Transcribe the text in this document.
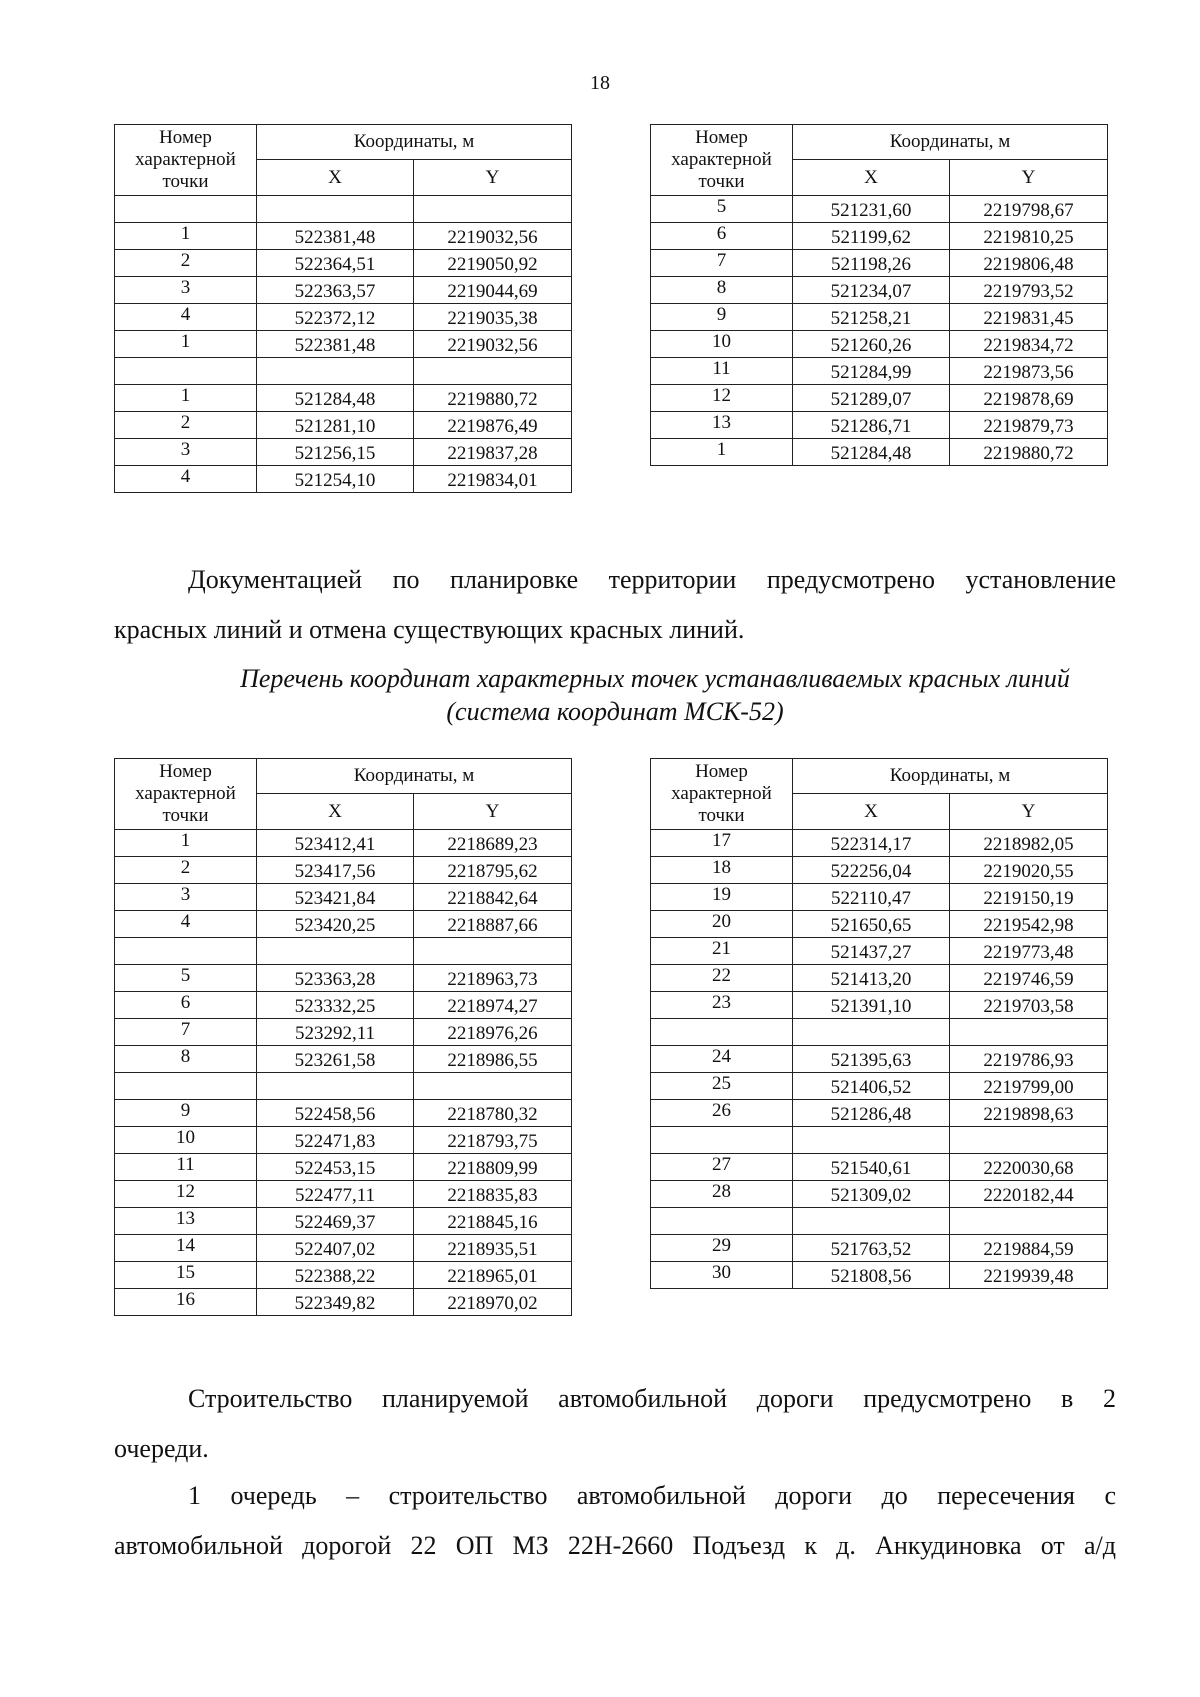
18
Номер
характерной
точки	Координаты, м	
	X	Y

1	522381,48	2219032,56
2	522364,51	2219050,92
3	522363,57	2219044,69
4	522372,12	2219035,38
1	522381,48	2219032,56

1	521284,48	2219880,72
2	521281,10	2219876,49
3	521256,15	2219837,28
4	521254,10	2219834,01
Номер
характерной
точки	Координаты, м	
	X	Y
5	521231,60	2219798,67
6	521199,62	2219810,25
7	521198,26	2219806,48
8	521234,07	2219793,52
9	521258,21	2219831,45
10	521260,26	2219834,72
11	521284,99	2219873,56
12	521289,07	2219878,69
13	521286,71	2219879,73
1	521284,48	2219880,72
Документацией по планировке территории предусмотрено установление
красных линий и отмена существующих красных линий.
Перечень координат характерных точек устанавливаемых красных линий
(система координат МСК-52)
Номер
характерной
точки	Координаты, м	
	X	Y
1	523412,41	2218689,23
2	523417,56	2218795,62
3	523421,84	2218842,64
4	523420,25	2218887,66

5	523363,28	2218963,73
6	523332,25	2218974,27
7	523292,11	2218976,26
8	523261,58	2218986,55

9	522458,56	2218780,32
10	522471,83	2218793,75
11	522453,15	2218809,99
12	522477,11	2218835,83
13	522469,37	2218845,16
14	522407,02	2218935,51
15	522388,22	2218965,01
16	522349,82	2218970,02
Номер
характерной
точки	Координаты, м	
	X	Y
17	522314,17	2218982,05
18	522256,04	2219020,55
19	522110,47	2219150,19
20	521650,65	2219542,98
21	521437,27	2219773,48
22	521413,20	2219746,59
23	521391,10	2219703,58

24	521395,63	2219786,93
25	521406,52	2219799,00
26	521286,48	2219898,63

27	521540,61	2220030,68
28	521309,02	2220182,44

29	521763,52	2219884,59
30	521808,56	2219939,48
Строительство планируемой автомобильной дороги предусмотрено в 2
очереди.
1 очередь – строительство автомобильной дороги до пересечения с
автомобильной дорогой 22 ОП МЗ 22Н-2660 Подъезд к д. Анкудиновка от а/д
